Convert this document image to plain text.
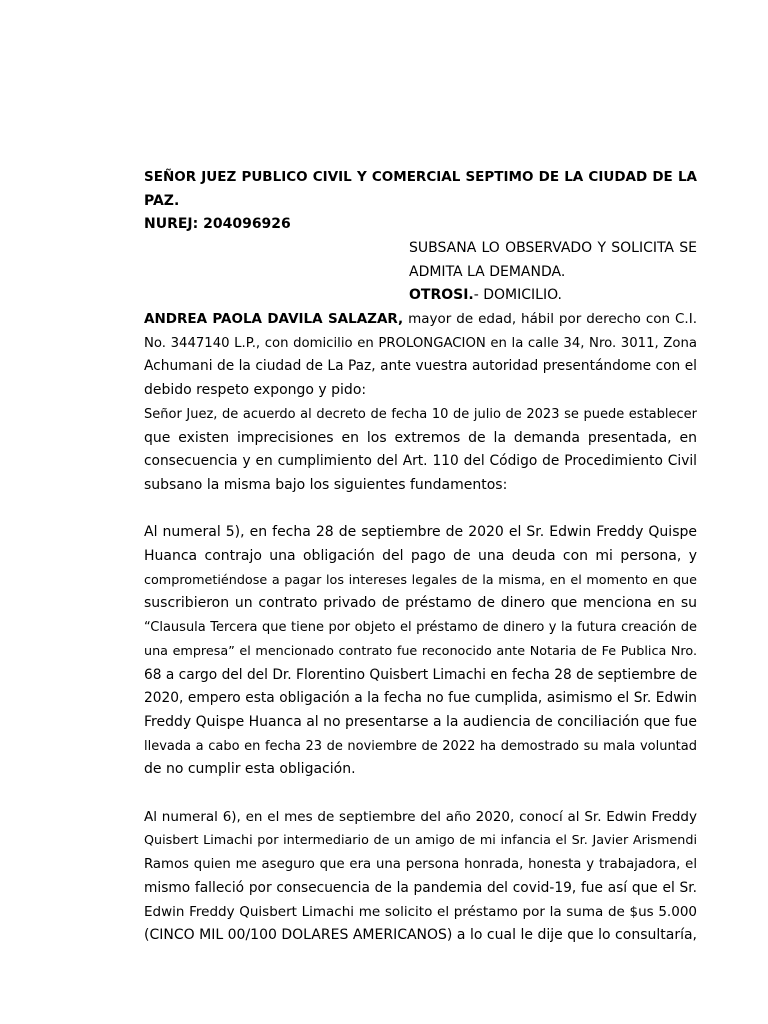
SEÑOR JUEZ PUBLICO CIVIL Y COMERCIAL SEPTIMO DE LA CIUDAD DE LA

PAZ.

NUREJ: 204096926

SUBSANA LO OBSERVADO Y SOLICITA SE

ADMITA LA DEMANDA.

OTROSI.- DOMICILIO.

ANDREA PAOLA DAVILA SALAZAR, mayor de edad, hábil por derecho con C.I.

No. 3447140 L.P., con domicilio en PROLONGACION en la calle 34, Nro. 3011, Zona

Achumani de la ciudad de La Paz, ante vuestra autoridad presentándome con el

debido respeto expongo y pido:

Señor Juez, de acuerdo al decreto de fecha 10 de julio de 2023 se puede establecer

que existen imprecisiones en los extremos de la demanda presentada, en

consecuencia y en cumplimiento del Art. 110 del Código de Procedimiento Civil

subsano la misma bajo los siguientes fundamentos:

Al numeral 5), en fecha 28 de septiembre de 2020 el Sr. Edwin Freddy Quispe

Huanca contrajo una obligación del pago de una deuda con mi persona, y

comprometiéndose a pagar los intereses legales de la misma, en el momento en que

suscribieron un contrato privado de préstamo de dinero que menciona en su

“Clausula Tercera que tiene por objeto el préstamo de dinero y la futura creación de

una empresa” el mencionado contrato fue reconocido ante Notaria de Fe Publica Nro.

68 a cargo del del Dr. Florentino Quisbert Limachi en fecha 28 de septiembre de

2020, empero esta obligación a la fecha no fue cumplida, asimismo el Sr. Edwin

Freddy Quispe Huanca al no presentarse a la audiencia de conciliación que fue

llevada a cabo en fecha 23 de noviembre de 2022 ha demostrado su mala voluntad

de no cumplir esta obligación.

Al numeral 6), en el mes de septiembre del año 2020, conocí al Sr. Edwin Freddy

Quisbert Limachi por intermediario de un amigo de mi infancia el Sr. Javier Arismendi

Ramos quien me aseguro que era una persona honrada, honesta y trabajadora, el

mismo falleció por consecuencia de la pandemia del covid-19, fue así que el Sr.

Edwin Freddy Quisbert Limachi me solicito el préstamo por la suma de $us 5.000

(CINCO MIL 00/100 DOLARES AMERICANOS) a lo cual le dije que lo consultaría,
